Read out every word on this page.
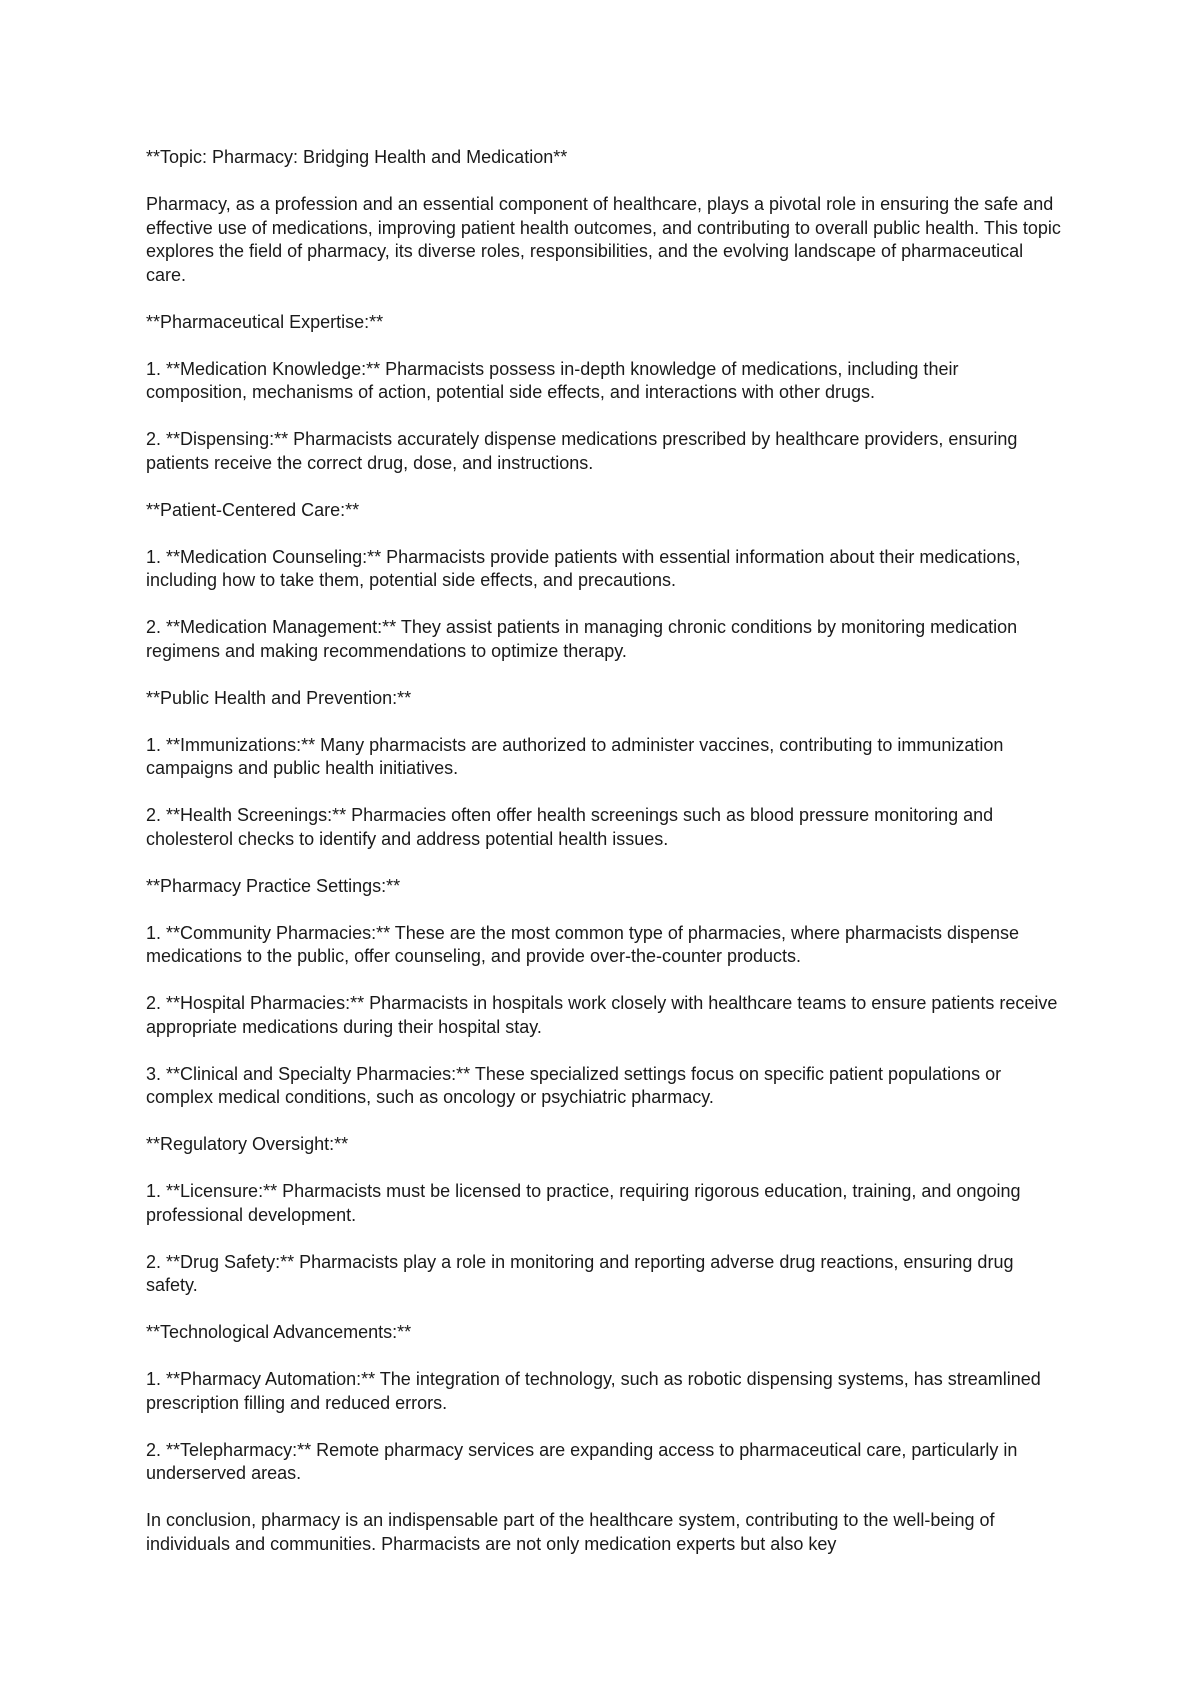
**Topic: Pharmacy: Bridging Health and Medication**

Pharmacy, as a profession and an essential component of healthcare, plays a pivotal role in ensuring the safe and effective use of medications, improving patient health outcomes, and contributing to overall public health. This topic explores the field of pharmacy, its diverse roles, responsibilities, and the evolving landscape of pharmaceutical care.

**Pharmaceutical Expertise:**

1. **Medication Knowledge:** Pharmacists possess in-depth knowledge of medications, including their composition, mechanisms of action, potential side effects, and interactions with other drugs.

2. **Dispensing:** Pharmacists accurately dispense medications prescribed by healthcare providers, ensuring patients receive the correct drug, dose, and instructions.

**Patient-Centered Care:**

1. **Medication Counseling:** Pharmacists provide patients with essential information about their medications, including how to take them, potential side effects, and precautions.

2. **Medication Management:** They assist patients in managing chronic conditions by monitoring medication regimens and making recommendations to optimize therapy.

**Public Health and Prevention:**

1. **Immunizations:** Many pharmacists are authorized to administer vaccines, contributing to immunization campaigns and public health initiatives.

2. **Health Screenings:** Pharmacies often offer health screenings such as blood pressure monitoring and cholesterol checks to identify and address potential health issues.

**Pharmacy Practice Settings:**

1. **Community Pharmacies:** These are the most common type of pharmacies, where pharmacists dispense medications to the public, offer counseling, and provide over-the-counter products.

2. **Hospital Pharmacies:** Pharmacists in hospitals work closely with healthcare teams to ensure patients receive appropriate medications during their hospital stay.

3. **Clinical and Specialty Pharmacies:** These specialized settings focus on specific patient populations or complex medical conditions, such as oncology or psychiatric pharmacy.

**Regulatory Oversight:**

1. **Licensure:** Pharmacists must be licensed to practice, requiring rigorous education, training, and ongoing professional development.

2. **Drug Safety:** Pharmacists play a role in monitoring and reporting adverse drug reactions, ensuring drug safety.

**Technological Advancements:**

1. **Pharmacy Automation:** The integration of technology, such as robotic dispensing systems, has streamlined prescription filling and reduced errors.

2. **Telepharmacy:** Remote pharmacy services are expanding access to pharmaceutical care, particularly in underserved areas.

In conclusion, pharmacy is an indispensable part of the healthcare system, contributing to the well-being of individuals and communities. Pharmacists are not only medication experts but also key
